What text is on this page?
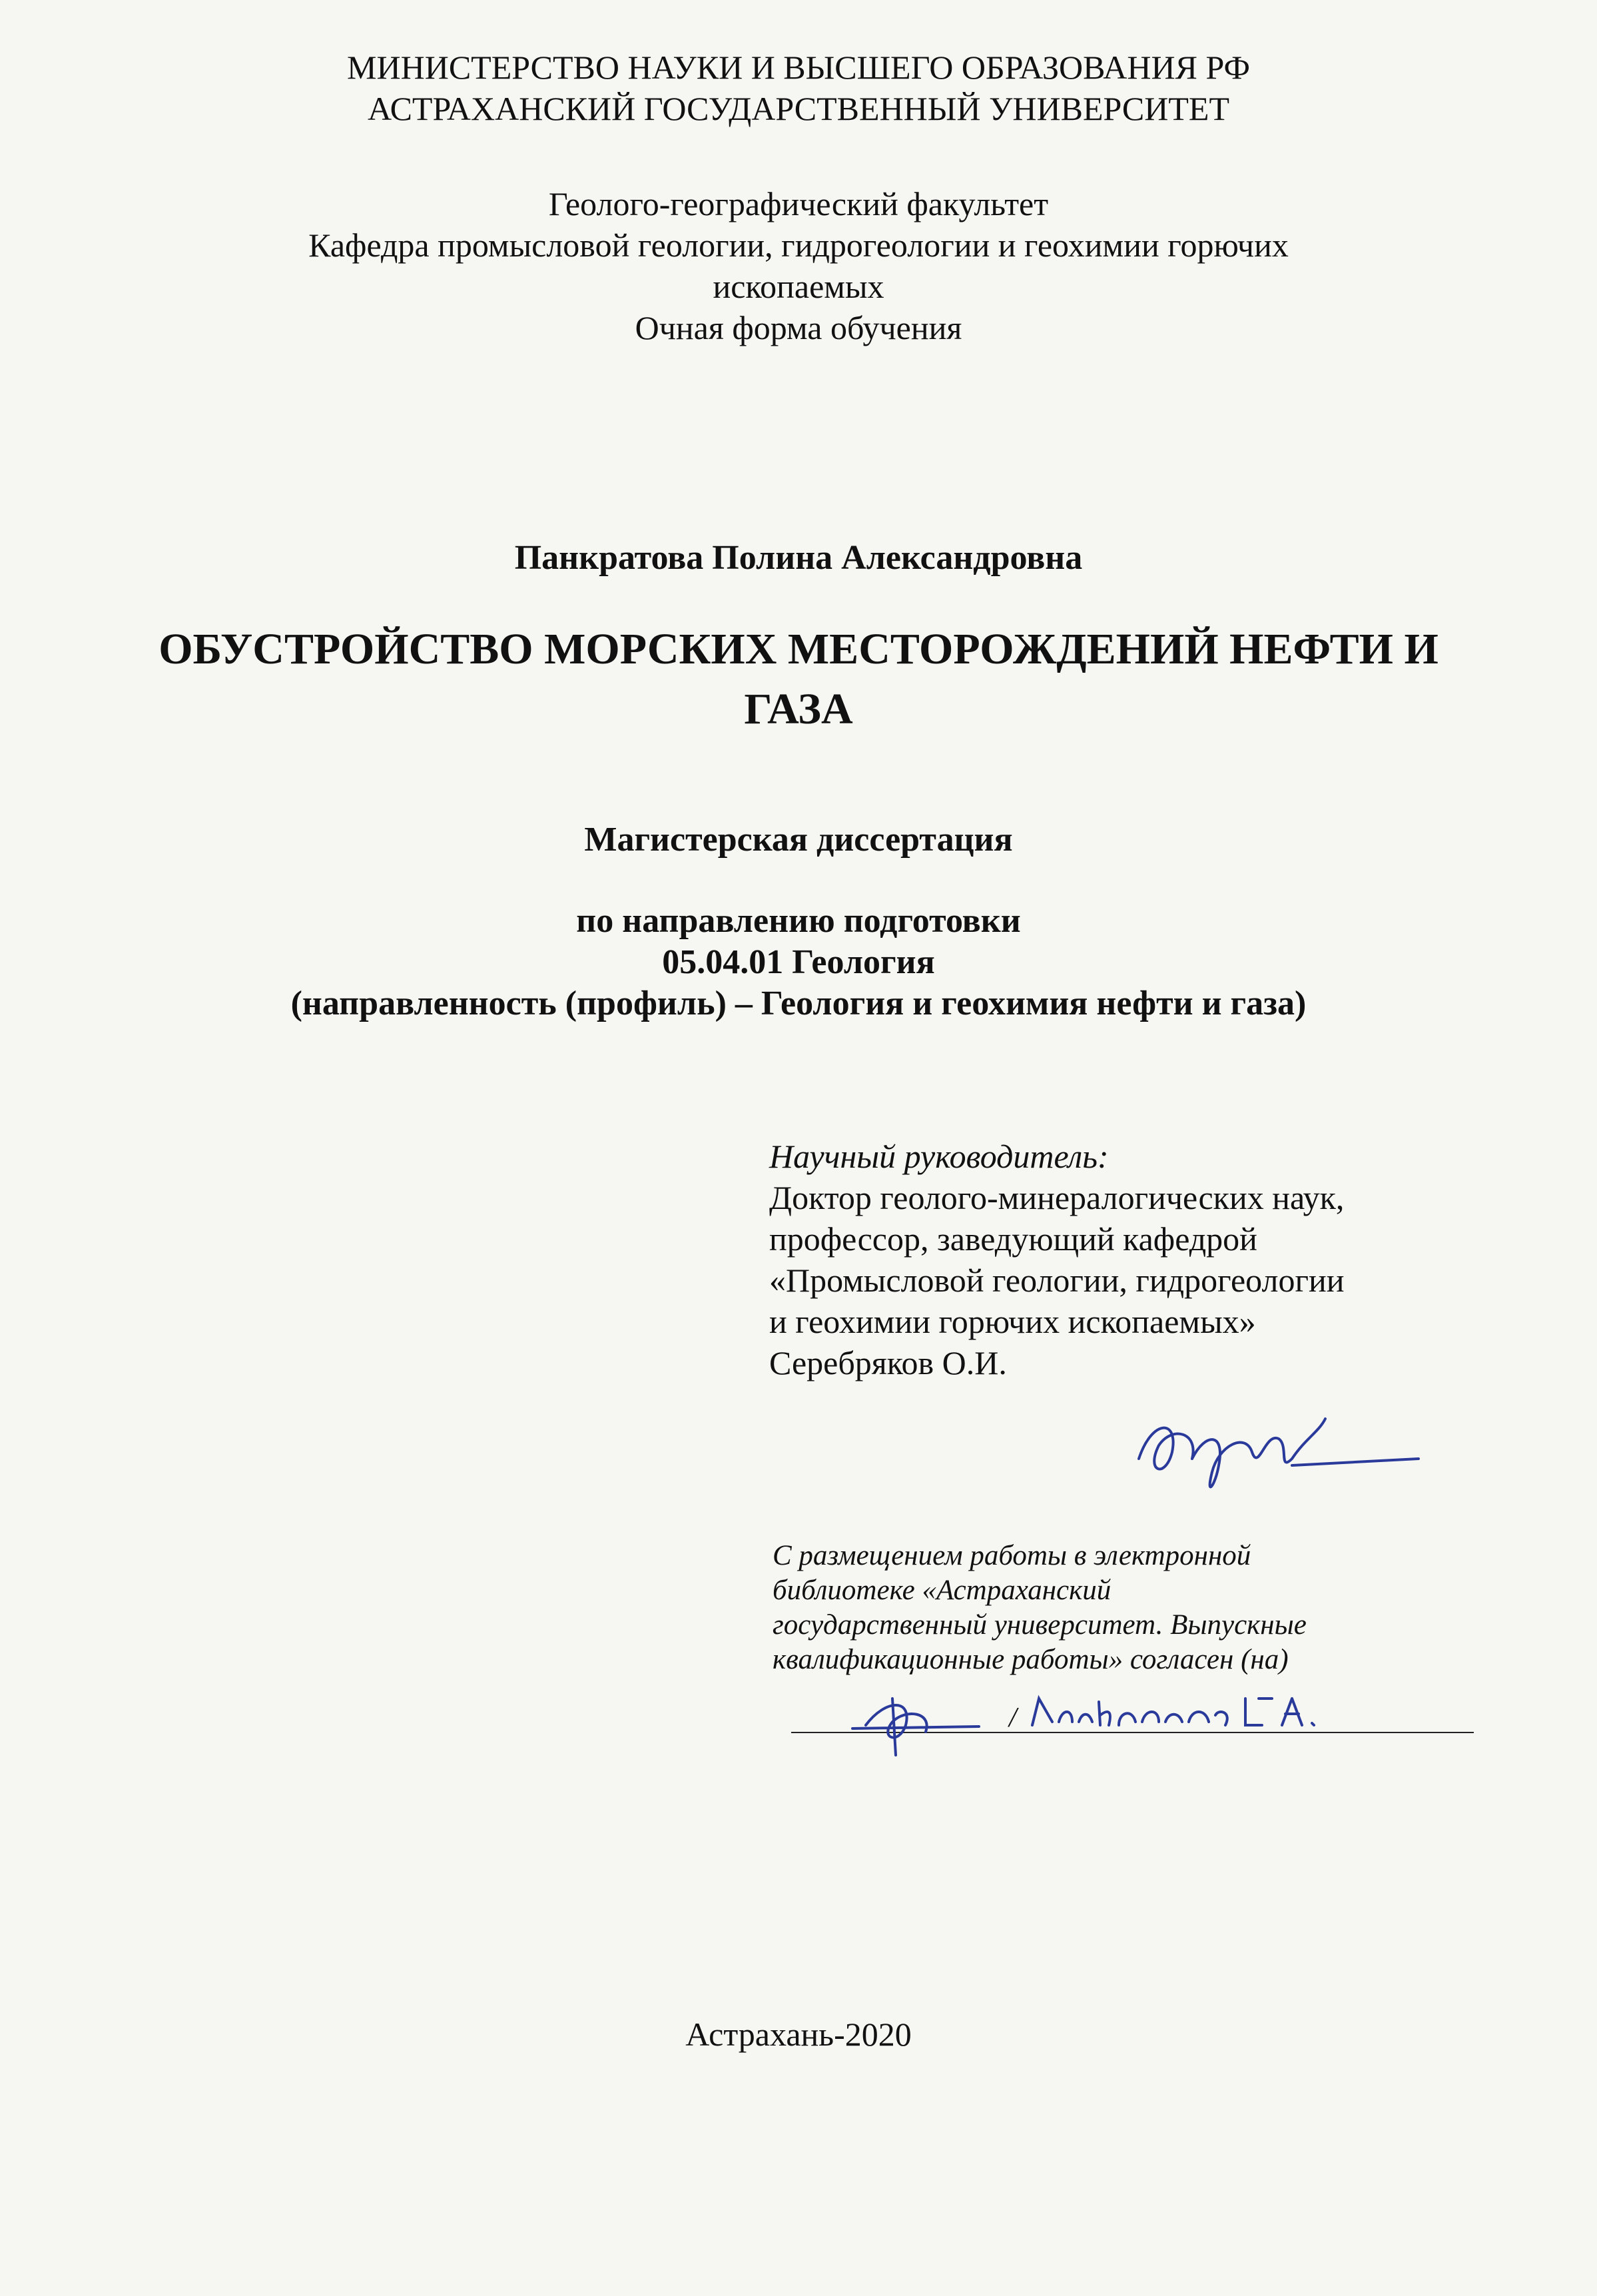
МИНИСТЕРСТВО НАУКИ И ВЫСШЕГО ОБРАЗОВАНИЯ РФ
АСТРАХАНСКИЙ ГОСУДАРСТВЕННЫЙ УНИВЕРСИТЕТ
Геолого-географический факультет
Кафедра промысловой геологии, гидрогеологии и геохимии горючих
ископаемых
Очная форма обучения
Панкратова Полина Александровна
ОБУСТРОЙСТВО МОРСКИХ МЕСТОРОЖДЕНИЙ НЕФТИ И
ГАЗА
Магистерская диссертация
по направлению подготовки
05.04.01 Геология
(направленность (профиль) – Геология и геохимия нефти и газа)
Научный руководитель:
Доктор геолого-минералогических наук,
профессор, заведующий кафедрой
«Промысловой геологии, гидрогеологии
и геохимии горючих ископаемых»
Серебряков О.И.
С размещением работы в электронной
библиотеке «Астраханский
государственный университет. Выпускные
квалификационные работы» согласен (на)
/
Астрахань-2020
